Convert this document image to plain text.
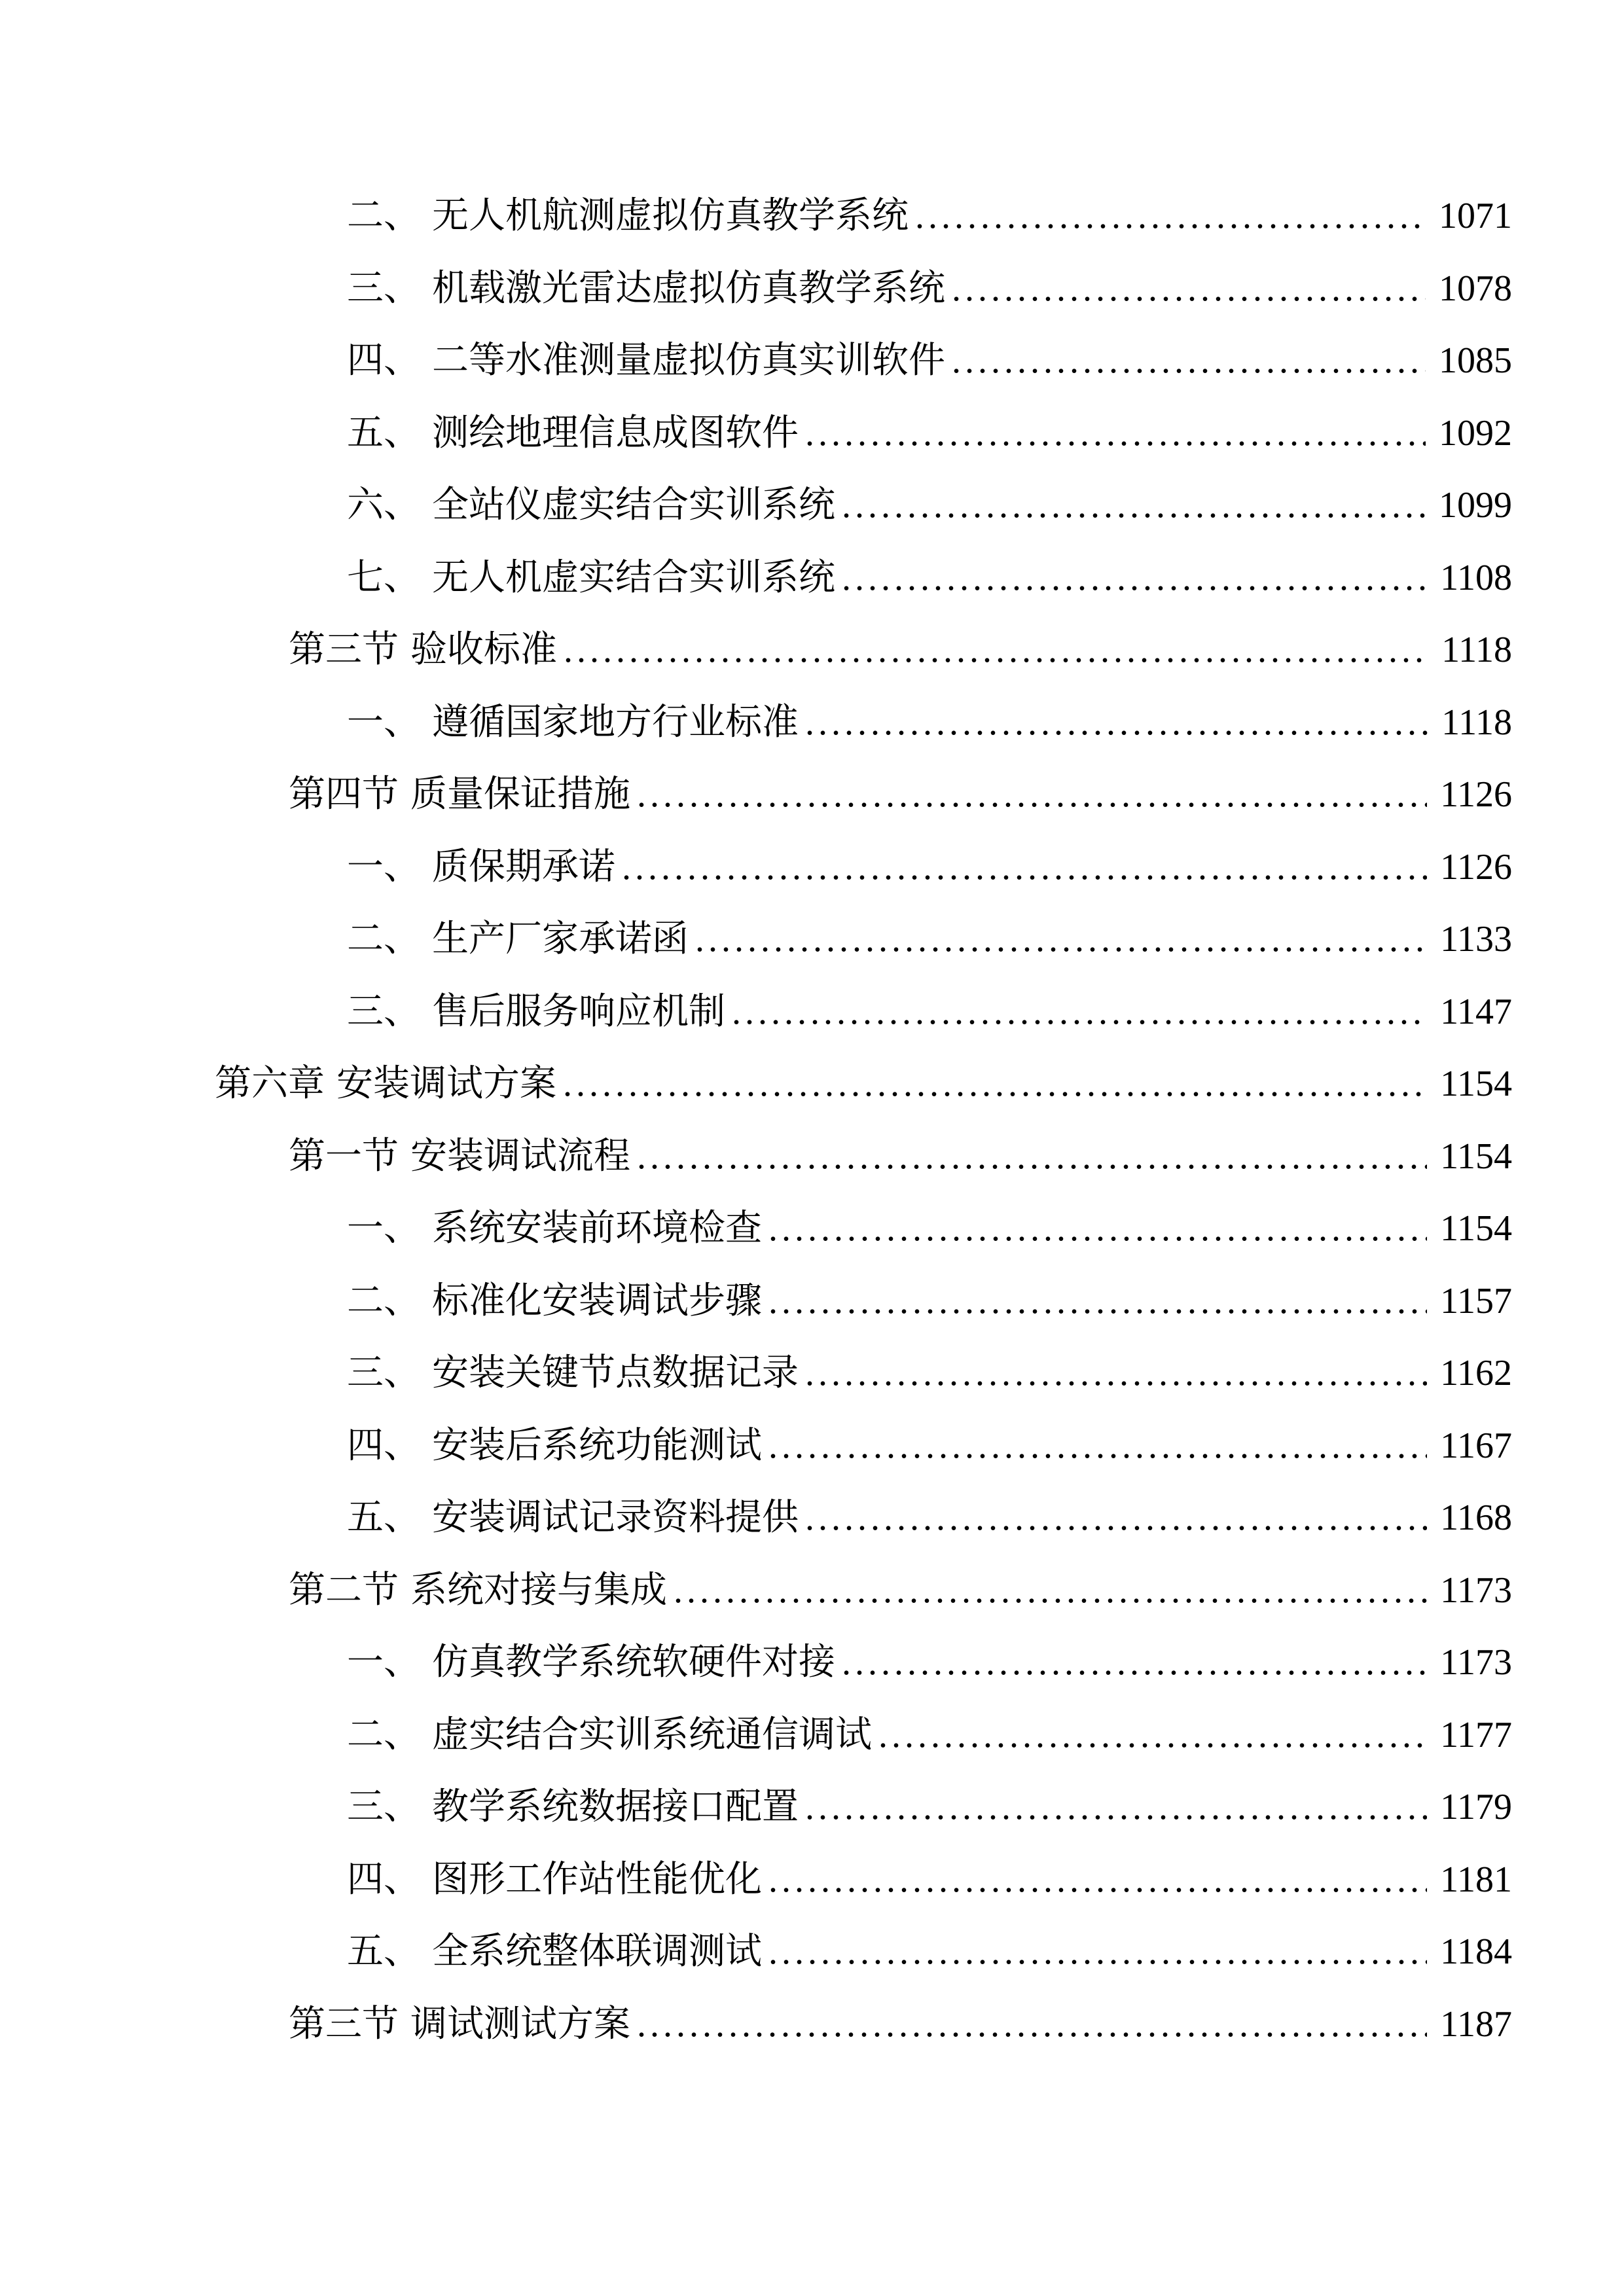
二、 无人机航测虚拟仿真教学系统 .....	1071
三、 机载激光雷达虚拟仿真教学系统 .....	1078
四、 二等水准测量虚拟仿真实训软件 .....	1085
五、 测绘地理信息成图软件 .....	1092
六、 全站仪虚实结合实训系统 .....	1099
七、 无人机虚实结合实训系统 .....	1108
第三节 验收标准 .....	1118
一、 遵循国家地方行业标准 .....	1118
第四节 质量保证措施 .....	1126
一、 质保期承诺 .....	1126
二、 生产厂家承诺函 .....	1133
三、 售后服务响应机制 .....	1147
第六章 安装调试方案 .....	1154
第一节 安装调试流程 .....	1154
一、 系统安装前环境检查 .....	1154
二、 标准化安装调试步骤 .....	1157
三、 安装关键节点数据记录 .....	1162
四、 安装后系统功能测试 .....	1167
五、 安装调试记录资料提供 .....	1168
第二节 系统对接与集成 .....	1173
一、 仿真教学系统软硬件对接 .....	1173
二、 虚实结合实训系统通信调试 .....	1177
三、 教学系统数据接口配置 .....	1179
四、 图形工作站性能优化 .....	1181
五、 全系统整体联调测试 .....	1184
第三节 调试测试方案 .....	1187
